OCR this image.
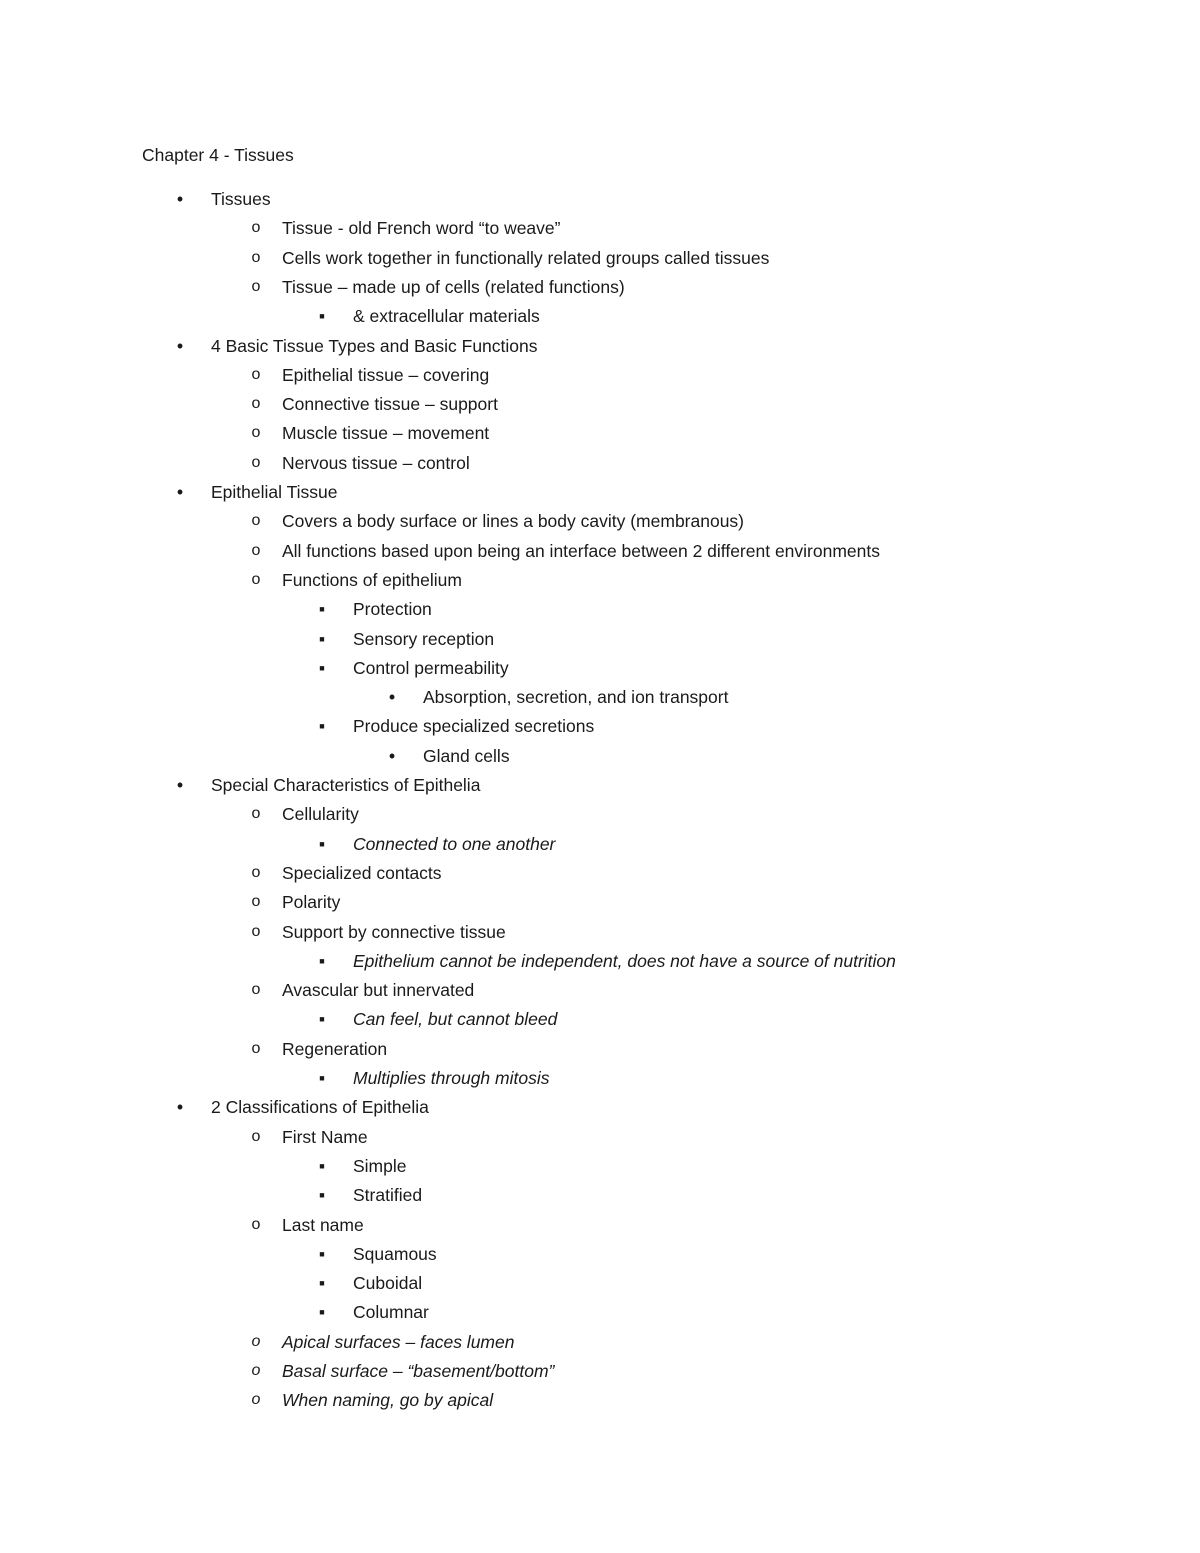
Chapter 4 - Tissues
•	Tissues
o	Tissue - old French word “to weave”
o	Cells work together in functionally related groups called tissues
o	Tissue – made up of cells (related functions)
■	& extracellular materials
•	4 Basic Tissue Types and Basic Functions
o	Epithelial tissue – covering
o	Connective tissue – support
o	Muscle tissue – movement
o	Nervous tissue – control
•	Epithelial Tissue
o	Covers a body surface or lines a body cavity (membranous)
o	All functions based upon being an interface between 2 different environments
o	Functions of epithelium
■	Protection
■	Sensory reception
■	Control permeability
•	Absorption, secretion, and ion transport
■	Produce specialized secretions
•	Gland cells
•	Special Characteristics of Epithelia
o	Cellularity
■	Connected to one another
o	Specialized contacts
o	Polarity
o	Support by connective tissue
■	Epithelium cannot be independent, does not have a source of nutrition
o	Avascular but innervated
■	Can feel, but cannot bleed
o	Regeneration
■	Multiplies through mitosis
•	2 Classifications of Epithelia
o	First Name
■	Simple
■	Stratified
o	Last name
■	Squamous
■	Cuboidal
■	Columnar
o	Apical surfaces – faces lumen
o	Basal surface – “basement/bottom”
o	When naming, go by apical
